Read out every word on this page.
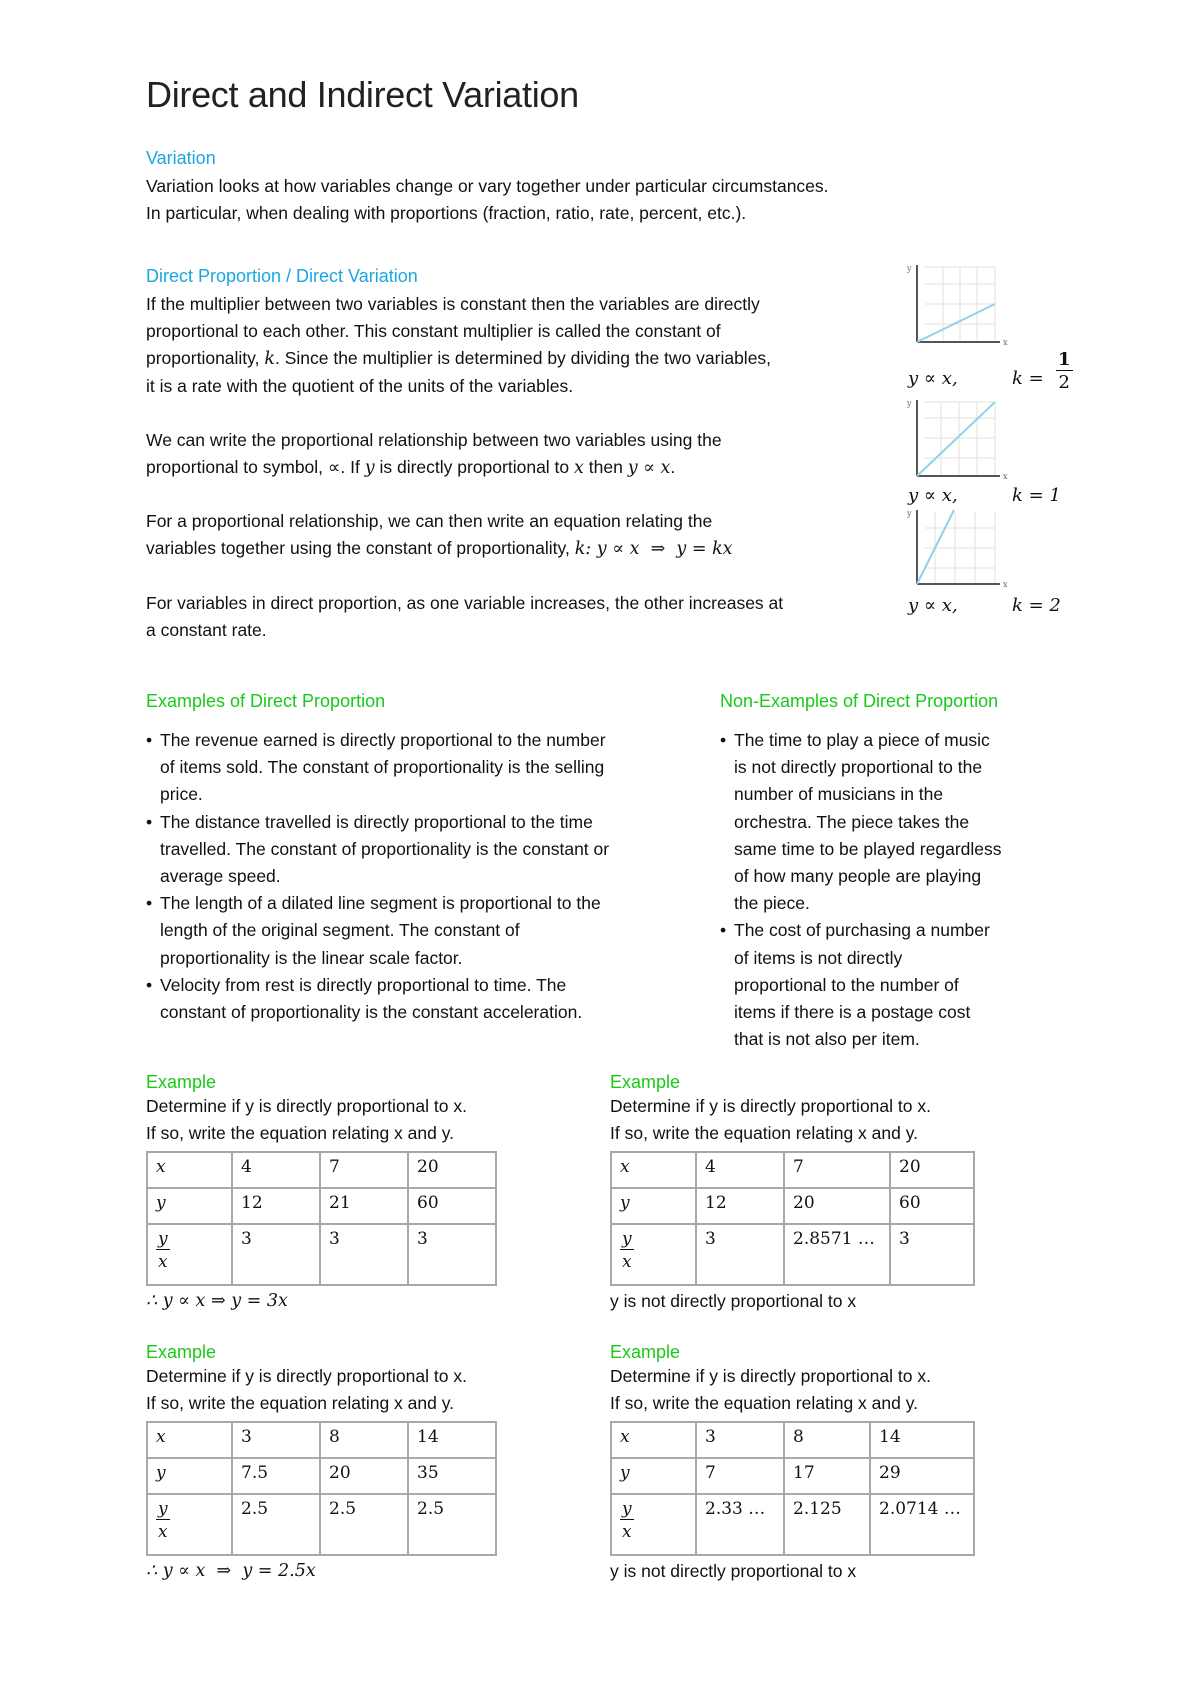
Direct and Indirect Variation
Variation
Variation looks at how variables change or vary together under particular circumstances.
In particular, when dealing with proportions (fraction, ratio, rate, percent, etc.).
Direct Proportion / Direct Variation
If the multiplier between two variables is constant then the variables are directly
proportional to each other. This constant multiplier is called the constant of
proportionality, k. Since the multiplier is determined by dividing the two variables,
it is a rate with the quotient of the units of the variables.
We can write the proportional relationship between two variables using the
proportional to symbol, ∝. If y is directly proportional to x then y ∝ x.
For a proportional relationship, we can then write an equation relating the
variables together using the constant of proportionality, k: y ∝ x  ⇒  y = kx
For variables in direct proportion, as one variable increases, the other increases at
a constant rate.
y
x
y ∝ x,	$k = \frac{1}{2}$
y
x
y ∝ x,	k = 1
y
x
y ∝ x,	k = 2
Examples of Direct Proportion
• The revenue earned is directly proportional to the number
of items sold. The constant of proportionality is the selling
price.
• The distance travelled is directly proportional to the time
travelled. The constant of proportionality is the constant or
average speed.
• The length of a dilated line segment is proportional to the
length of the original segment. The constant of
proportionality is the linear scale factor.
• Velocity from rest is directly proportional to time. The
constant of proportionality is the constant acceleration.
Non-Examples of Direct Proportion
• The time to play a piece of music
is not directly proportional to the
number of musicians in the
orchestra. The piece takes the
same time to be played regardless
of how many people are playing
the piece.
• The cost of purchasing a number
of items is not directly
proportional to the number of
items if there is a postage cost
that is not also per item.
Example
Determine if y is directly proportional to x.
If so, write the equation relating x and y.
x	4	7	20
y	12	21	60

$\frac{y}{x}$	3	3	3
∴ y ∝ x ⇒ y = 3x
Example
Determine if y is directly proportional to x.
If so, write the equation relating x and y.
x	4	7	20
y	12	20	60

$\frac{y}{x}$	3	2.8571 …	3
y is not directly proportional to x
Example
Determine if y is directly proportional to x.
If so, write the equation relating x and y.
x	3	8	14
y	7.5	20	35

$\frac{y}{x}$	2.5	2.5	2.5
∴ y ∝ x  ⇒  y = 2.5x
Example
Determine if y is directly proportional to x.
If so, write the equation relating x and y.
x	3	8	14
y	7	17	29

$\frac{y}{x}$	2.33 …	2.125	2.0714 …
y is not directly proportional to x
